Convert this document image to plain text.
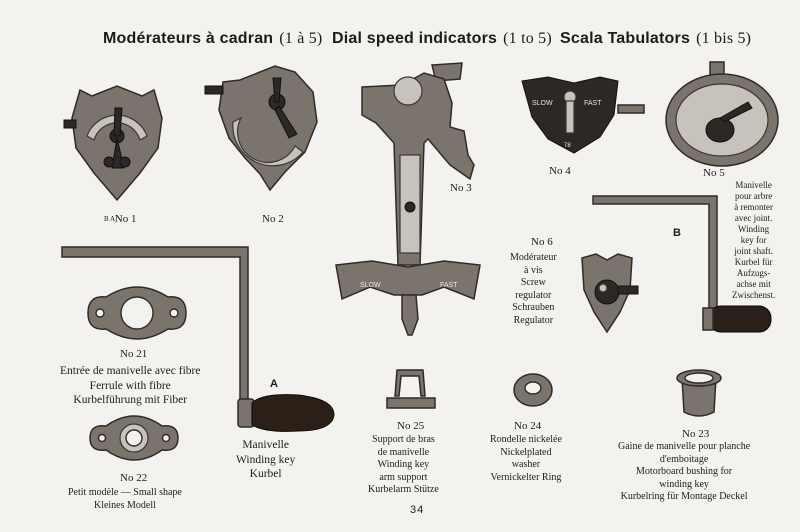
Modérateurs à cadran (1 à 5) Dial speed indicators (1 to 5) Scala Tabulators (1 bis 5)
B A No 1	No 2
SLOW	FAST
No 3
SLOW	FAST
78
No 4	No 5
B
Manivelle
pour arbre
à remonter
avec joint.
Winding
key for
joint shaft.
Kurbel für
Aufzugs-
achse mit
Zwischenst.
No 6
Modérateur
à vis
Screw
regulator
Schrauben
Regulator
A
Manivelle
Winding key
Kurbel
No 21
Entrée de manivelle avec fibre
Ferrule with fibre
Kurbelführung mit Fiber
No 22
Petit modèle — Small shape
Kleines Modell
No 25
Support de bras
de manivelle
Winding key
arm support
Kurbelarm Stütze
No 24
Rondelle nickelée
Nickelplated
washer
Vernickelter Ring
No 23
Gaine de manivelle pour planche
d'emboitage
Motorboard bushing for
winding key
Kurbelring für Montage Deckel
34
